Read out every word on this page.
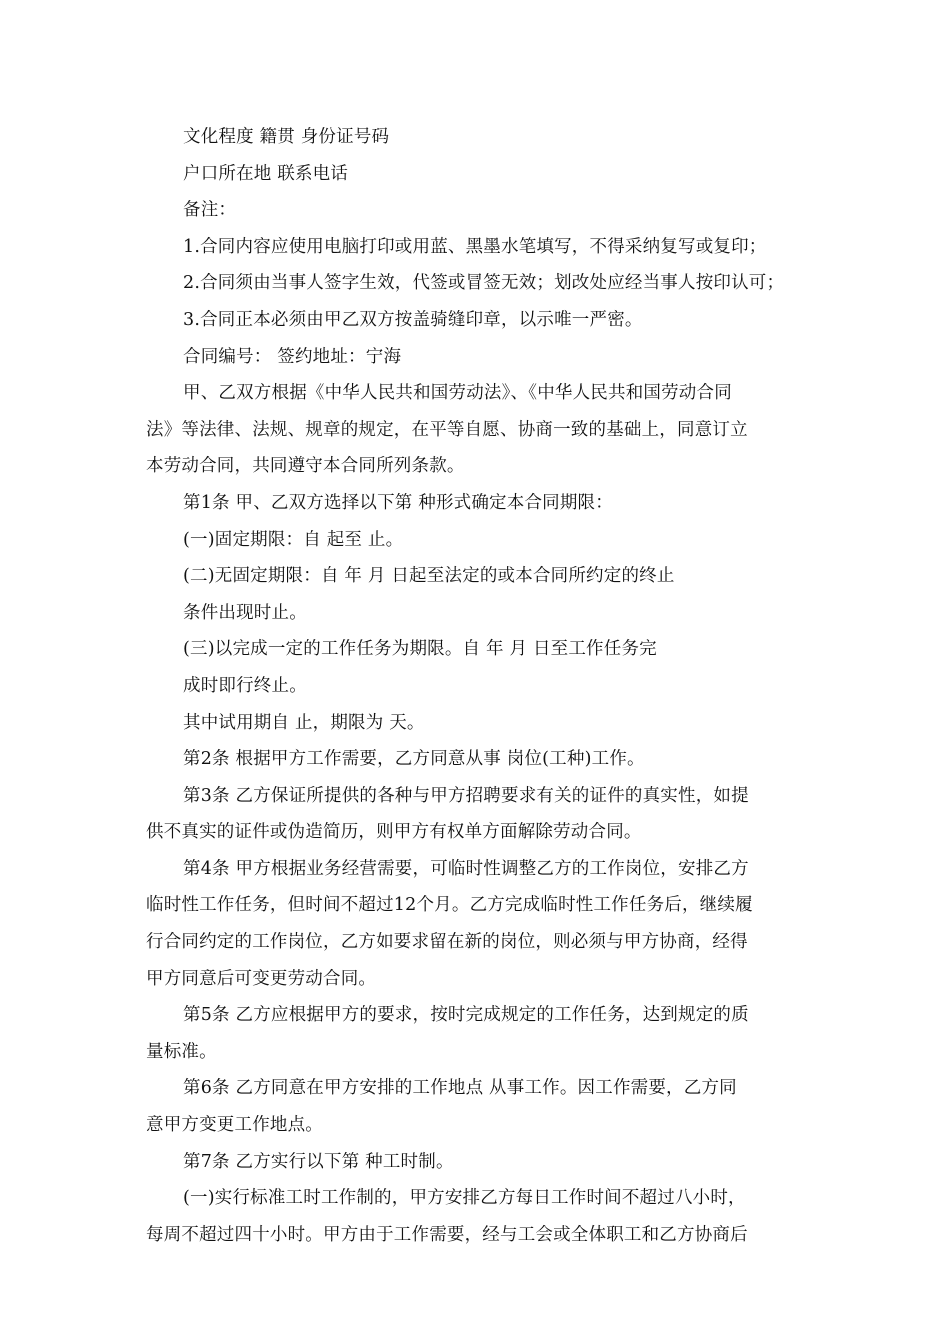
文化程度 籍贯 身份证号码
户口所在地 联系电话
备注：
1.合同内容应使用电脑打印或用蓝、黑墨水笔填写，不得采纳复写或复印；
2.合同须由当事人签字生效，代签或冒签无效；划改处应经当事人按印认可；
3.合同正本必须由甲乙双方按盖骑缝印章，以示唯一严密。
合同编号： 签约地址：宁海
甲、乙双方根据《中华人民共和国劳动法》、《中华人民共和国劳动合同
法》等法律、法规、规章的规定，在平等自愿、协商一致的基础上，同意订立
本劳动合同，共同遵守本合同所列条款。
第1条 甲、乙双方选择以下第 种形式确定本合同期限：
(一)固定期限：自 起至 止。
(二)无固定期限：自 年 月 日起至法定的或本合同所约定的终止
条件出现时止。
(三)以完成一定的工作任务为期限。自 年 月 日至工作任务完
成时即行终止。
其中试用期自 止，期限为 天。
第2条 根据甲方工作需要，乙方同意从事 岗位(工种)工作。
第3条 乙方保证所提供的各种与甲方招聘要求有关的证件的真实性，如提
供不真实的证件或伪造简历，则甲方有权单方面解除劳动合同。
第4条 甲方根据业务经营需要，可临时性调整乙方的工作岗位，安排乙方
临时性工作任务，但时间不超过12个月。乙方完成临时性工作任务后，继续履
行合同约定的工作岗位，乙方如要求留在新的岗位，则必须与甲方协商，经得
甲方同意后可变更劳动合同。
第5条 乙方应根据甲方的要求，按时完成规定的工作任务，达到规定的质
量标准。
第6条 乙方同意在甲方安排的工作地点 从事工作。因工作需要，乙方同
意甲方变更工作地点。
第7条 乙方实行以下第 种工时制。
(一)实行标准工时工作制的，甲方安排乙方每日工作时间不超过八小时，
每周不超过四十小时。甲方由于工作需要，经与工会或全体职工和乙方协商后
